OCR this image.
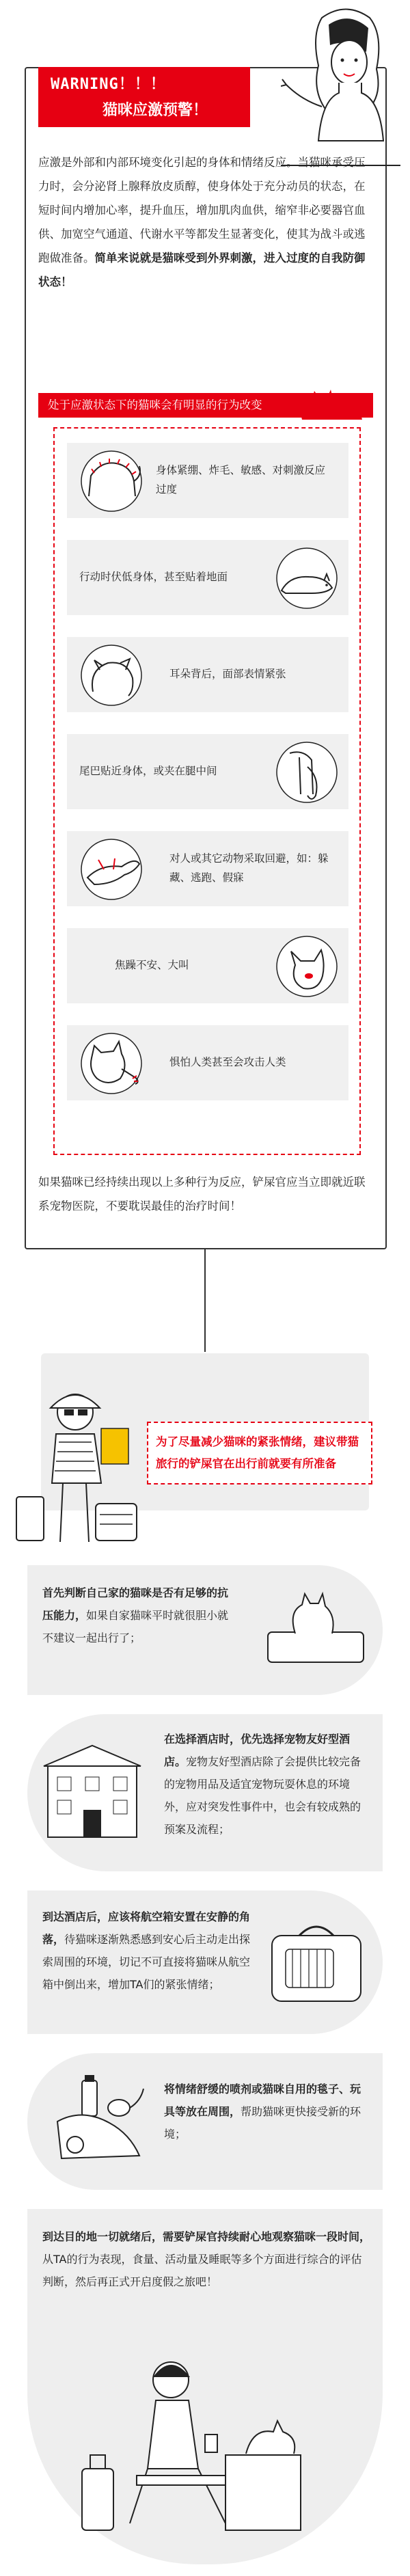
WARNING！！！
猫咪应激预警！
应激是外部和内部环境变化引起的身体和情绪反应。当猫咪承受压力时，会分泌肾上腺释放皮质醇，使身体处于充分动员的状态，在短时间内增加心率，提升血压，增加肌肉血供，缩窄非必要器官血供、加宽空气通道、代谢水平等都发生显著变化，使其为战斗或逃跑做准备。简单来说就是猫咪受到外界刺激，进入过度的自我防御状态！
处于应激状态下的猫咪会有明显的行为改变
身体紧绷、炸毛、敏感、对刺激反应过度
行动时伏低身体，甚至贴着地面
耳朵背后，面部表情紧张
尾巴贴近身体，或夹在腿中间
对人或其它动物采取回避，如：躲藏、逃跑、假寐
焦躁不安、大叫
惧怕人类甚至会攻击人类
如果猫咪已经持续出现以上多种行为反应，铲屎官应当立即就近联系宠物医院，不要耽误最佳的治疗时间！
为了尽量减少猫咪的紧张情绪，建议带猫旅行的铲屎官在出行前就要有所准备
首先判断自己家的猫咪是否有足够的抗压能力，如果自家猫咪平时就很胆小就不建议一起出行了；
在选择酒店时，优先选择宠物友好型酒店。宠物友好型酒店除了会提供比较完备的宠物用品及适宜宠物玩耍休息的环境外，应对突发性事件中，也会有较成熟的预案及流程；
到达酒店后，应该将航空箱安置在安静的角落，待猫咪逐渐熟悉感到安心后主动走出探索周围的环境，切记不可直接将猫咪从航空箱中倒出来，增加TA们的紧张情绪；
将情绪舒缓的喷剂或猫咪自用的毯子、玩具等放在周围，帮助猫咪更快接受新的环境；
到达目的地一切就绪后，需要铲屎官持续耐心地观察猫咪一段时间，从TA的行为表现，食量、活动量及睡眠等多个方面进行综合的评估判断，然后再正式开启度假之旅吧！
